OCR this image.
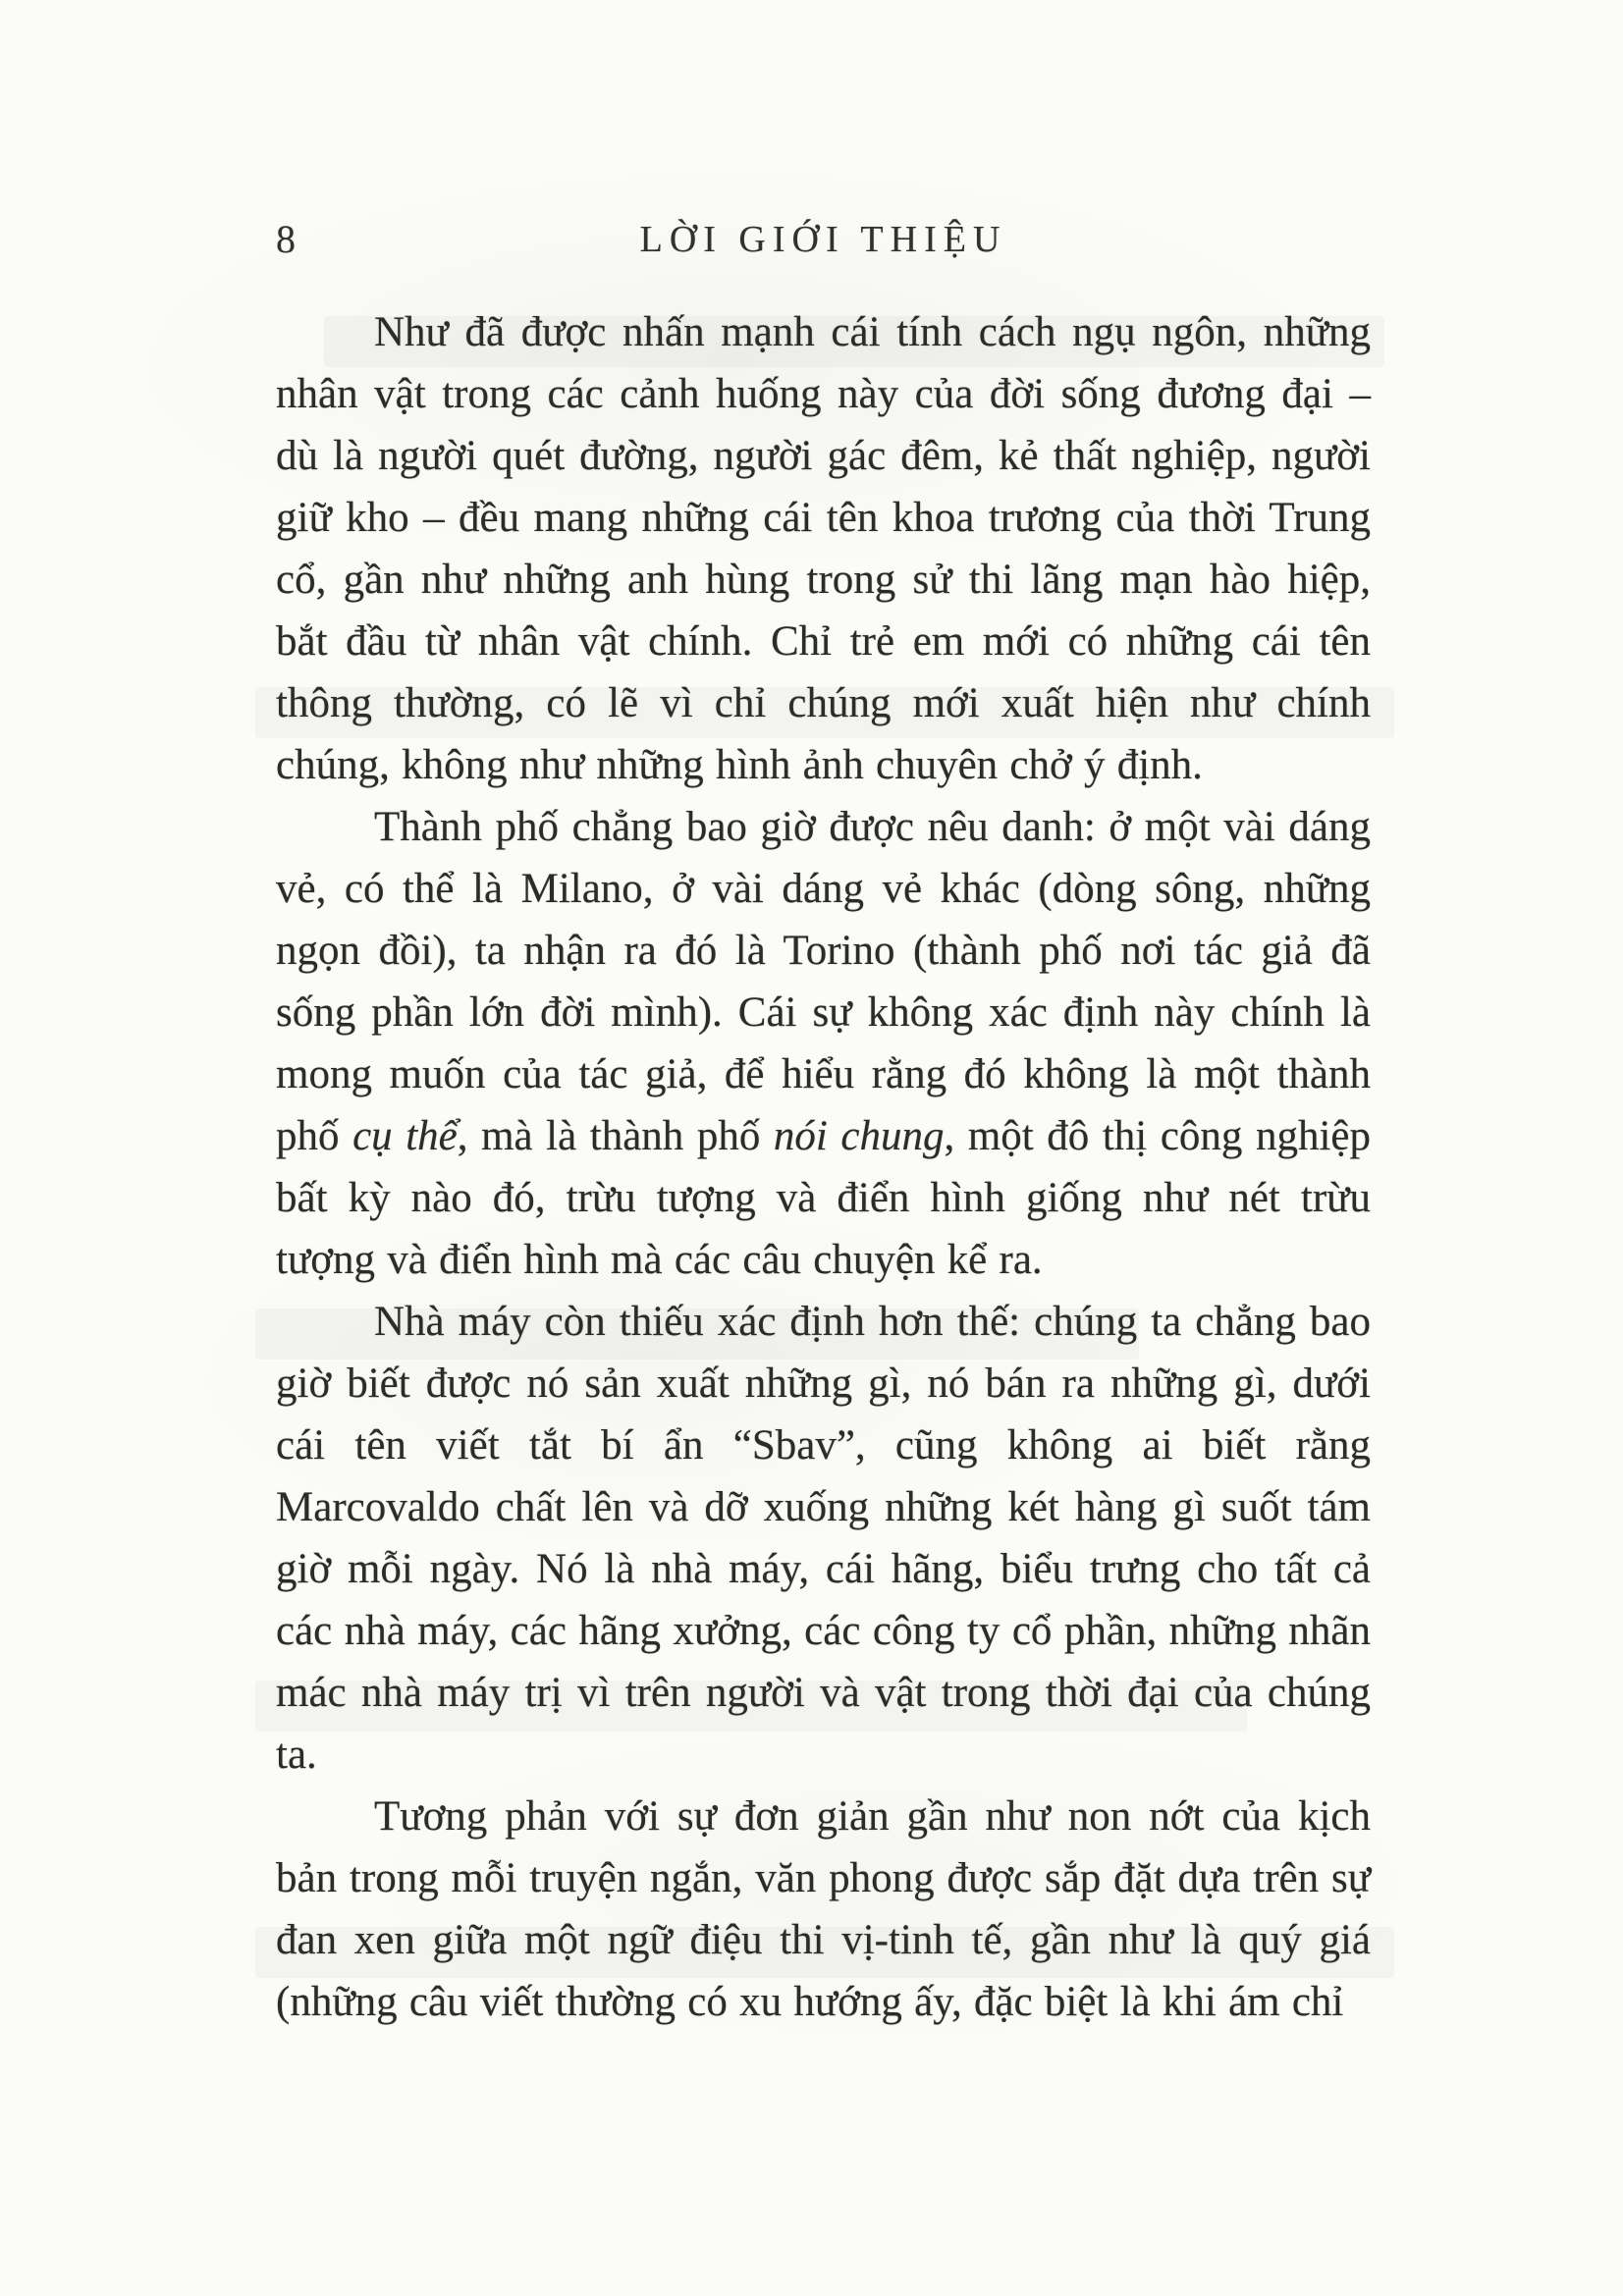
8	LỜI GIỚI THIỆU

Như đã được nhấn mạnh cái tính cách ngụ ngôn, những nhân vật trong các cảnh huống này của đời sống đương đại – dù là người quét đường, người gác đêm, kẻ thất nghiệp, người giữ kho – đều mang những cái tên khoa trương của thời Trung cổ, gần như những anh hùng trong sử thi lãng mạn hào hiệp, bắt đầu từ nhân vật chính. Chỉ trẻ em mới có những cái tên thông thường, có lẽ vì chỉ chúng mới xuất hiện như chính chúng, không như những hình ảnh chuyên chở ý định.

Thành phố chẳng bao giờ được nêu danh: ở một vài dáng vẻ, có thể là Milano, ở vài dáng vẻ khác (dòng sông, những ngọn đồi), ta nhận ra đó là Torino (thành phố nơi tác giả đã sống phần lớn đời mình). Cái sự không xác định này chính là mong muốn của tác giả, để hiểu rằng đó không là một thành phố cụ thể, mà là thành phố nói chung, một đô thị công nghiệp bất kỳ nào đó, trừu tượng và điển hình giống như nét trừu tượng và điển hình mà các câu chuyện kể ra.

Nhà máy còn thiếu xác định hơn thế: chúng ta chẳng bao giờ biết được nó sản xuất những gì, nó bán ra những gì, dưới cái tên viết tắt bí ẩn “Sbav”, cũng không ai biết rằng Marcovaldo chất lên và dỡ xuống những két hàng gì suốt tám giờ mỗi ngày. Nó là nhà máy, cái hãng, biểu trưng cho tất cả các nhà máy, các hãng xưởng, các công ty cổ phần, những nhãn mác nhà máy trị vì trên người và vật trong thời đại của chúng ta.

Tương phản với sự đơn giản gần như non nớt của kịch bản trong mỗi truyện ngắn, văn phong được sắp đặt dựa trên sự đan xen giữa một ngữ điệu thi vị-tinh tế, gần như là quý giá (những câu viết thường có xu hướng ấy, đặc biệt là khi ám chỉ
